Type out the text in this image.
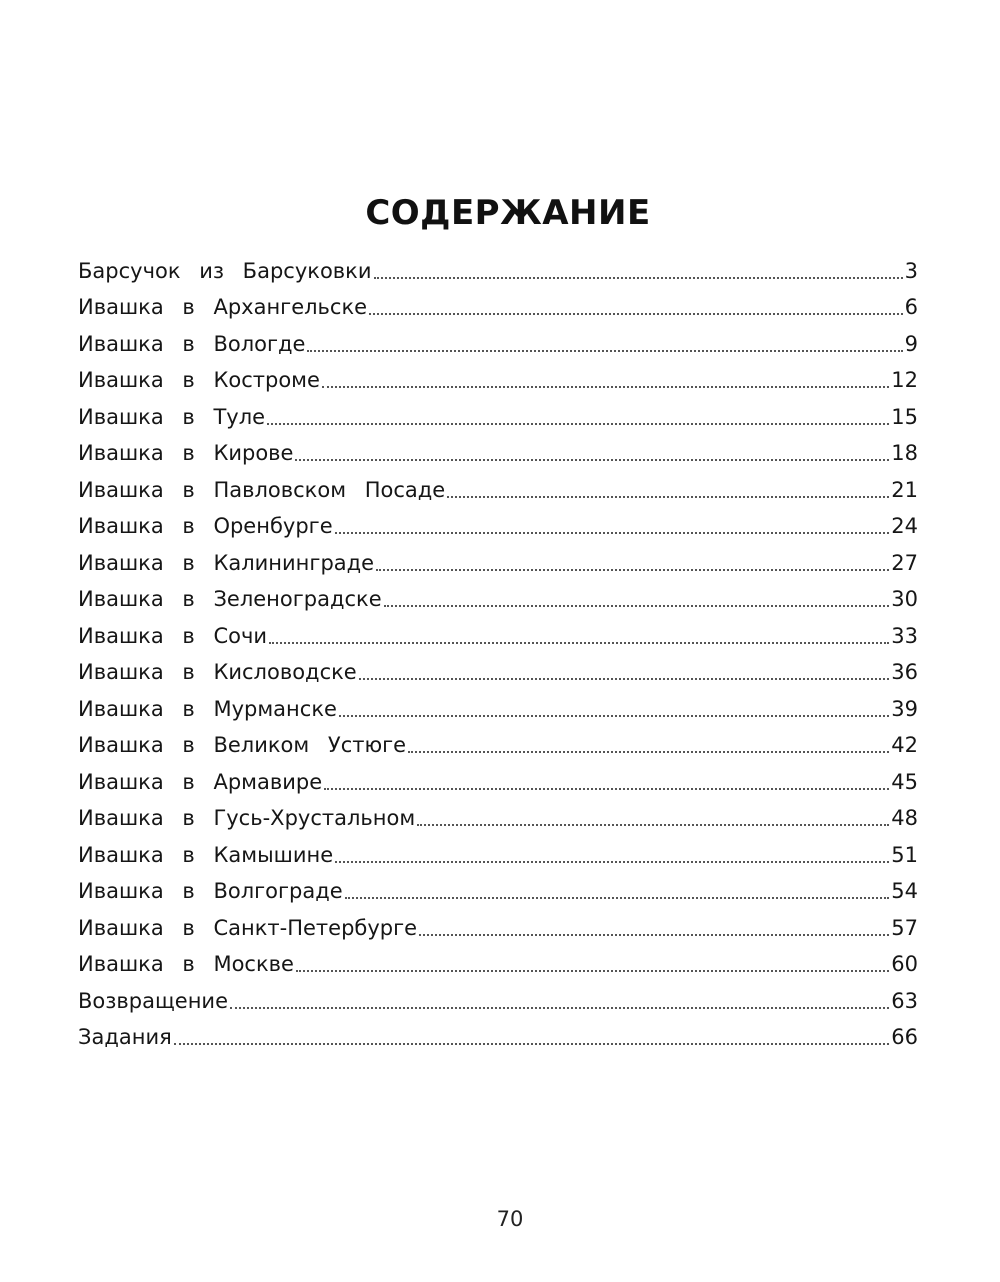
СОДЕРЖАНИЕ
Барсучок из Барсуковки	3
Ивашка в Архангельске	6
Ивашка в Вологде	9
Ивашка в Костроме	12
Ивашка в Туле	15
Ивашка в Кирове	18
Ивашка в Павловском Посаде	21
Ивашка в Оренбурге	24
Ивашка в Калининграде	27
Ивашка в Зеленоградске	30
Ивашка в Сочи	33
Ивашка в Кисловодске	36
Ивашка в Мурманске	39
Ивашка в Великом Устюге	42
Ивашка в Армавире	45
Ивашка в Гусь-Хрустальном	48
Ивашка в Камышине	51
Ивашка в Волгограде	54
Ивашка в Санкт-Петербурге	57
Ивашка в Москве	60
Возвращение	63
Задания	66
70
